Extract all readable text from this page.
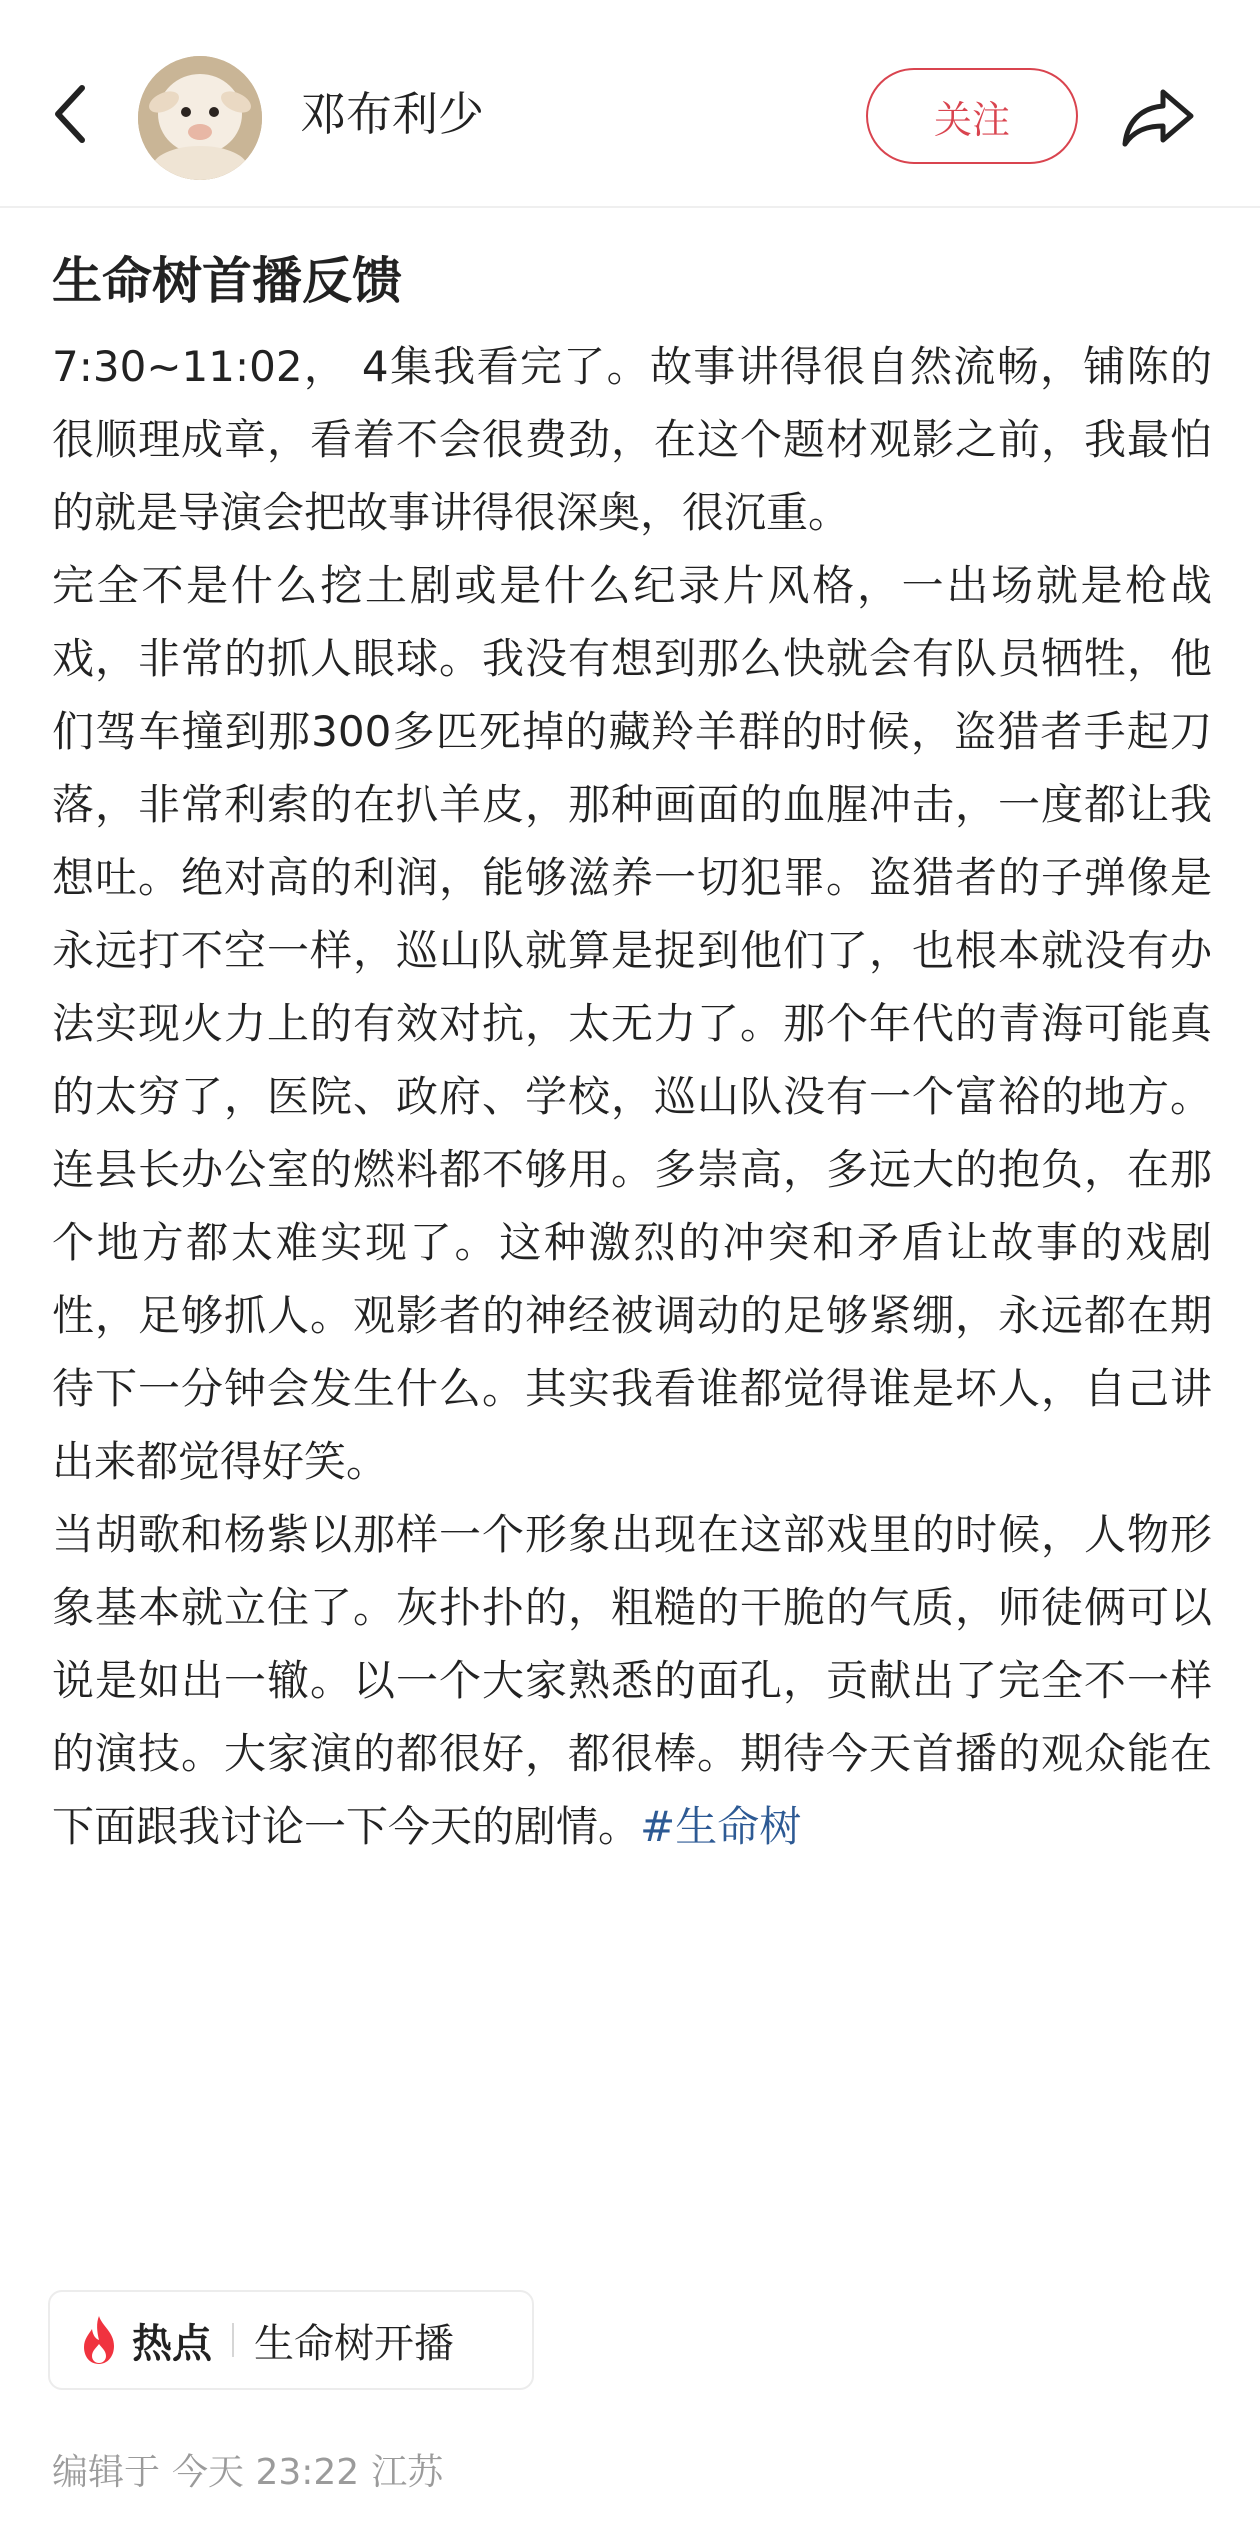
邓布利少	关注
生命树首播反馈

7:30~11:02， 4集我看完了。故事讲得很自然流畅，铺陈的很顺理成章，看着不会很费劲，在这个题材观影之前，我最怕的就是导演会把故事讲得很深奥，很沉重。

完全不是什么挖土剧或是什么纪录片风格，一出场就是枪战戏，非常的抓人眼球。我没有想到那么快就会有队员牺牲，他们驾车撞到那300多匹死掉的藏羚羊群的时候，盗猎者手起刀落，非常利索的在扒羊皮，那种画面的血腥冲击，一度都让我想吐。绝对高的利润，能够滋养一切犯罪。盗猎者的子弹像是永远打不空一样，巡山队就算是捉到他们了，也根本就没有办法实现火力上的有效对抗，太无力了。那个年代的青海可能真的太穷了，医院、政府、学校，巡山队没有一个富裕的地方。连县长办公室的燃料都不够用。多崇高，多远大的抱负，在那个地方都太难实现了。这种激烈的冲突和矛盾让故事的戏剧性，足够抓人。观影者的神经被调动的足够紧绷，永远都在期待下一分钟会发生什么。其实我看谁都觉得谁是坏人，自己讲出来都觉得好笑。

当胡歌和杨紫以那样一个形象出现在这部戏里的时候，人物形象基本就立住了。灰扑扑的，粗糙的干脆的气质，师徒俩可以说是如出一辙。以一个大家熟悉的面孔，贡献出了完全不一样的演技。大家演的都很好，都很棒。期待今天首播的观众能在下面跟我讨论一下今天的剧情。#生命树

热点 生命树开播
编辑于 今天 23:22 江苏
